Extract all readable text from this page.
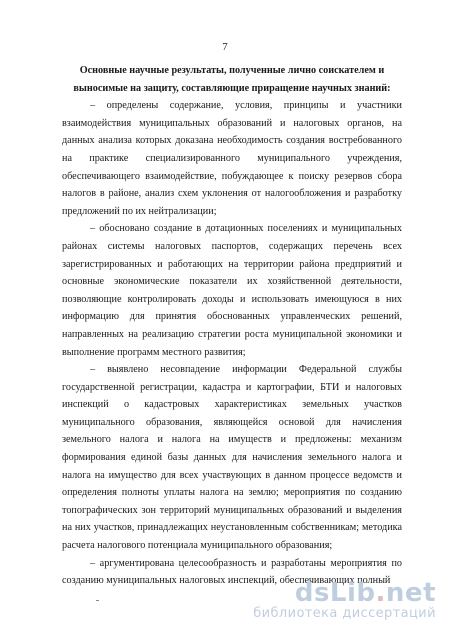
7

Основные научные результаты, полученные лично соискателем и выносимые на защиту, составляющие приращение научных знаний:

– определены содержание, условия, принципы и участники взаимодействия муниципальных образований и налоговых органов, на данных анализа которых доказана необходимость создания востребованного на практике специализированного муниципального учреждения, обеспечивающего взаимодействие, побуждающее к поиску резервов сбора налогов в районе, анализ схем уклонения от налогообложения и разработку предложений по их нейтрализации;

– обосновано создание в дотационных поселениях и муниципальных районах системы налоговых паспортов, содержащих перечень всех зарегистрированных и работающих на территории района предприятий и основные экономические показатели их хозяйственной деятельности, позволяющие контролировать доходы и использовать имеющуюся в них информацию для принятия обоснованных управленческих решений, направленных на реализацию стратегии роста муниципальной экономики и выполнение программ местного развития;

– выявлено несовпадение информации Федеральной службы государственной регистрации, кадастра и картографии, БТИ и налоговых инспекций о кадастровых характеристиках земельных участков муниципального образования, являющейся основой для начисления земельного налога и налога на имуществ и предложены: механизм формирования единой базы данных для начисления земельного налога и налога на имущество для всех участвующих в данном процессе ведомств и определения полноты уплаты налога на землю; мероприятия по созданию топографических зон территорий муниципальных образований и выделения на них участков, принадлежащих неустановленным собственникам; методика расчета налогового потенциала муниципального образования;

– аргументирована целесообразность и разработаны мероприятия по созданию муниципальных налоговых инспекций, обеспечивающих полный

dsLib.net
библиотека диссертаций
